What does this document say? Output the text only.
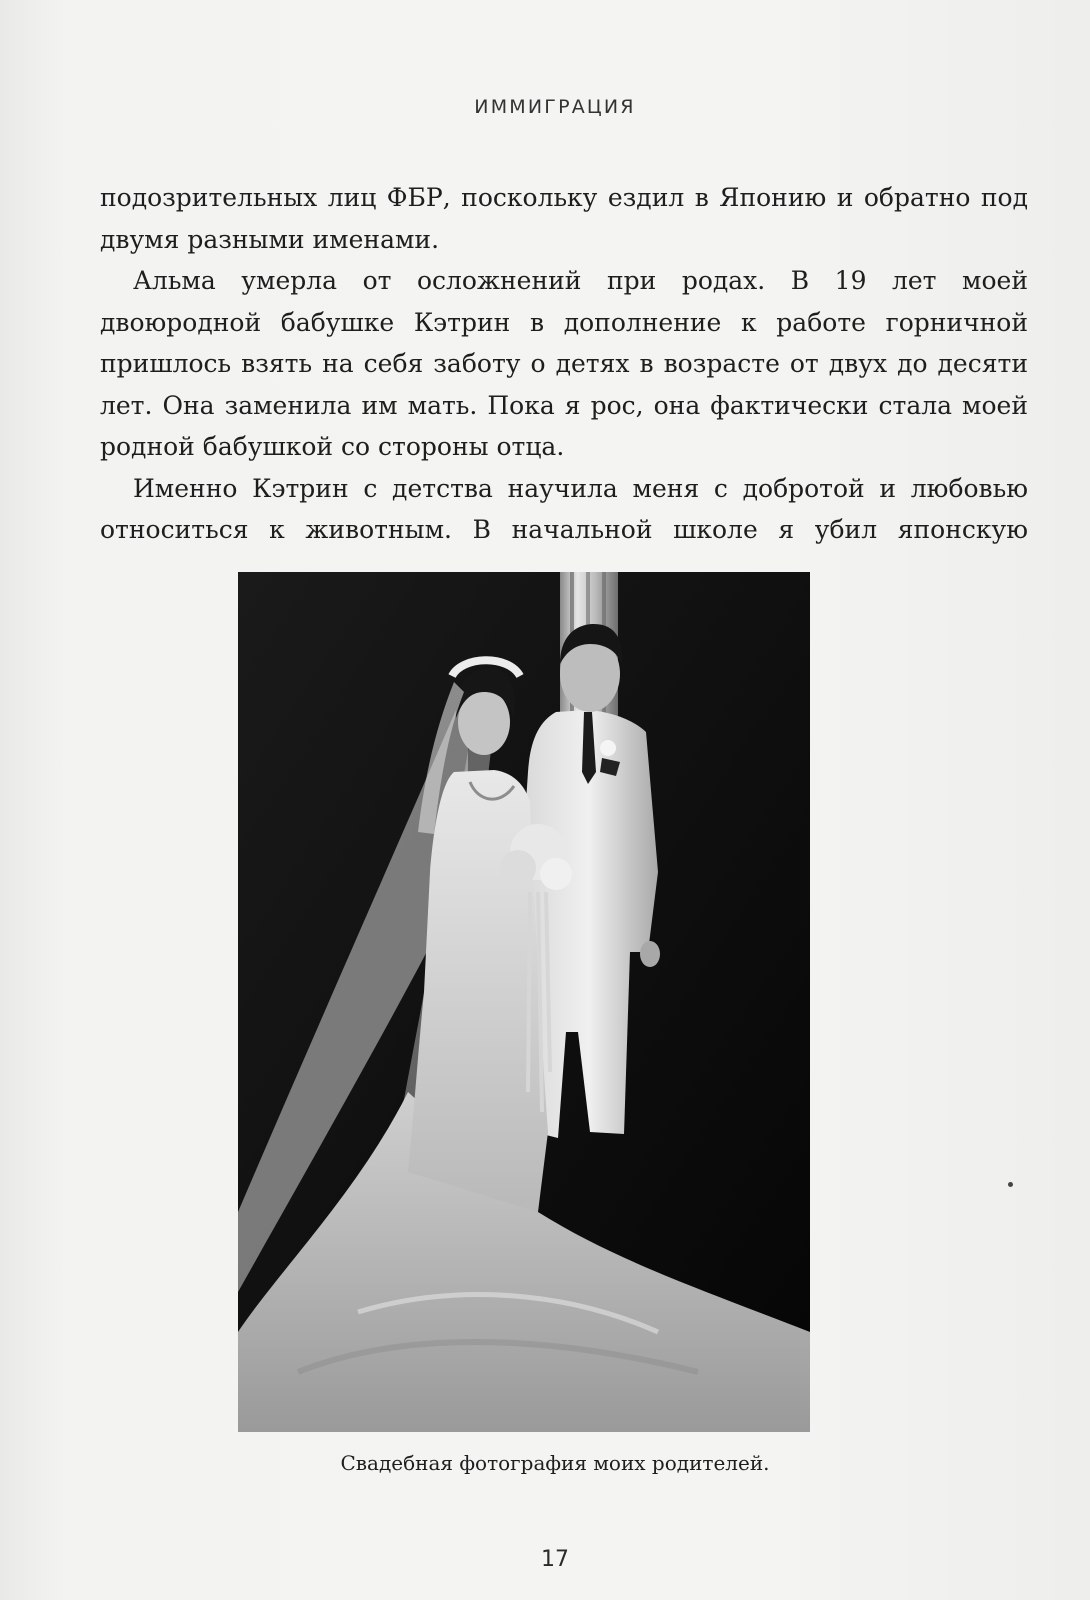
ИММИГРАЦИЯ

подозрительных лиц ФБР, поскольку ездил в Японию и обратно под двумя разными именами.

Альма умерла от осложнений при родах. В 19 лет моей двоюродной бабушке Кэтрин в дополнение к работе горничной пришлось взять на себя заботу о детях в возрасте от двух до десяти лет. Она заменила им мать. Пока я рос, она фактически стала моей родной бабушкой со стороны отца.

Именно Кэтрин с детства научила меня с добротой и любовью относиться к животным. В начальной школе я убил японскую

Свадебная фотография моих родителей.
17
